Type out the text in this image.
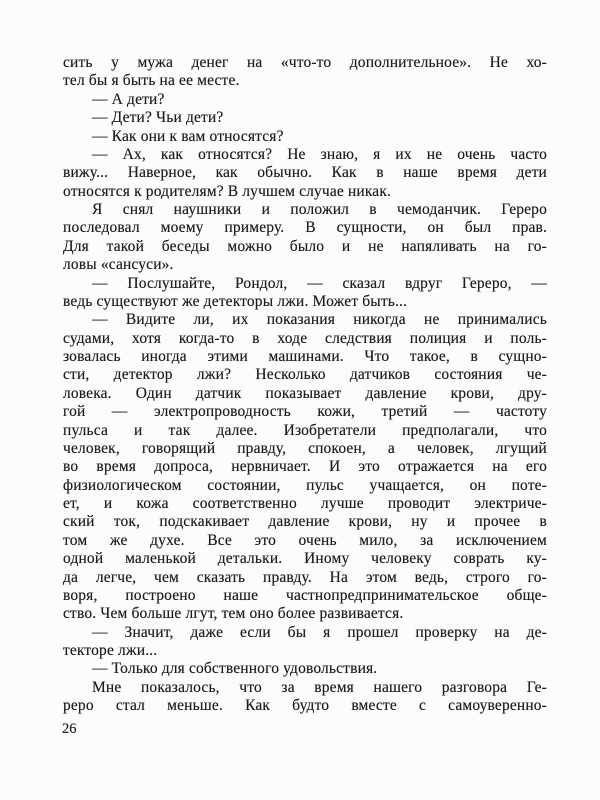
сить у мужа денег на «что-то дополнительное». Не хо-
тел бы я быть на ее месте.
— А дети?
— Дети? Чьи дети?
— Как они к вам относятся?
— Ах, как относятся? Не знаю, я их не очень часто
вижу... Наверное, как обычно. Как в наше время дети
относятся к родителям? В лучшем случае никак.
Я снял наушники и положил в чемоданчик. Гереро
последовал моему примеру. В сущности, он был прав.
Для такой беседы можно было и не напяливать на го-
ловы «сансуси».
— Послушайте, Рондол, — сказал вдруг Гереро, —
ведь существуют же детекторы лжи. Может быть...
— Видите ли, их показания никогда не принимались
судами, хотя когда-то в ходе следствия полиция и поль-
зовалась иногда этими машинами. Что такое, в сущно-
сти, детектор лжи? Несколько датчиков состояния че-
ловека. Один датчик показывает давление крови, дру-
гой — электропроводность кожи, третий — частоту
пульса и так далее. Изобретатели предполагали, что
человек, говорящий правду, спокоен, а человек, лгущий
во время допроса, нервничает. И это отражается на его
физиологическом состоянии, пульс учащается, он поте-
ет, и кожа соответственно лучше проводит электриче-
ский ток, подскакивает давление крови, ну и прочее в
том же духе. Все это очень мило, за исключением
одной маленькой детальки. Иному человеку соврать ку-
да легче, чем сказать правду. На этом ведь, строго го-
воря, построено наше частнопредпринимательское обще-
ство. Чем больше лгут, тем оно более развивается.
— Значит, даже если бы я прошел проверку на де-
текторе лжи...
— Только для собственного удовольствия.
Мне показалось, что за время нашего разговора Ге-
реро стал меньше. Как будто вместе с самоуверенно-
26
